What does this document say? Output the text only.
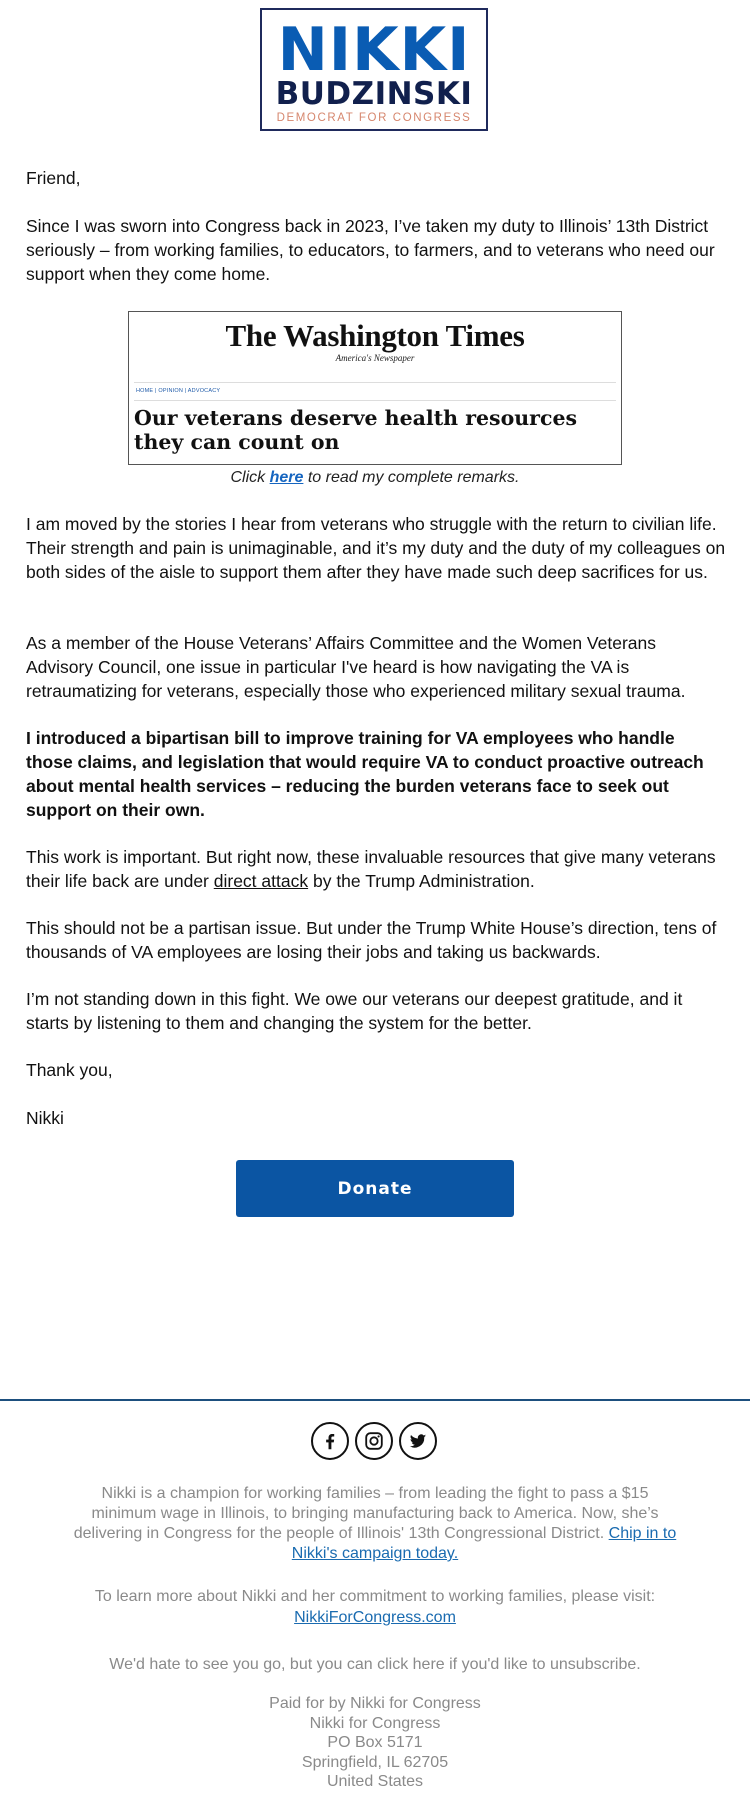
NIKKI
BUDZINSKI
DEMOCRAT FOR CONGRESS

Friend,

Since I was sworn into Congress back in 2023, I’ve taken my duty to Illinois’ 13th District seriously – from working families, to educators, to farmers, and to veterans who need our support when they come home.

The Washington Times
America's Newspaper
HOME | OPINION | ADVOCACY
Our veterans deserve health resources they can count on
Click here to read my complete remarks.

I am moved by the stories I hear from veterans who struggle with the return to civilian life. Their strength and pain is unimaginable, and it’s my duty and the duty of my colleagues on both sides of the aisle to support them after they have made such deep sacrifices for us.

As a member of the House Veterans’ Affairs Committee and the Women Veterans Advisory Council, one issue in particular I've heard is how navigating the VA is retraumatizing for veterans, especially those who experienced military sexual trauma.

I introduced a bipartisan bill to improve training for VA employees who handle those claims, and legislation that would require VA to conduct proactive outreach about mental health services – reducing the burden veterans face to seek out support on their own.

This work is important. But right now, these invaluable resources that give many veterans their life back are under direct attack by the Trump Administration.

This should not be a partisan issue. But under the Trump White House’s direction, tens of thousands of VA employees are losing their jobs and taking us backwards.

I’m not standing down in this fight. We owe our veterans our deepest gratitude, and it starts by listening to them and changing the system for the better.

Thank you,

Nikki

Donate

Nikki is a champion for working families – from leading the fight to pass a $15 minimum wage in Illinois, to bringing manufacturing back to America. Now, she’s delivering in Congress for the people of Illinois' 13th Congressional District. Chip in to Nikki's campaign today.

To learn more about Nikki and her commitment to working families, please visit:

NikkiForCongress.com

We'd hate to see you go, but you can click here if you'd like to unsubscribe.

Paid for by Nikki for Congress

Nikki for Congress

PO Box 5171

Springfield, IL 62705

United States
